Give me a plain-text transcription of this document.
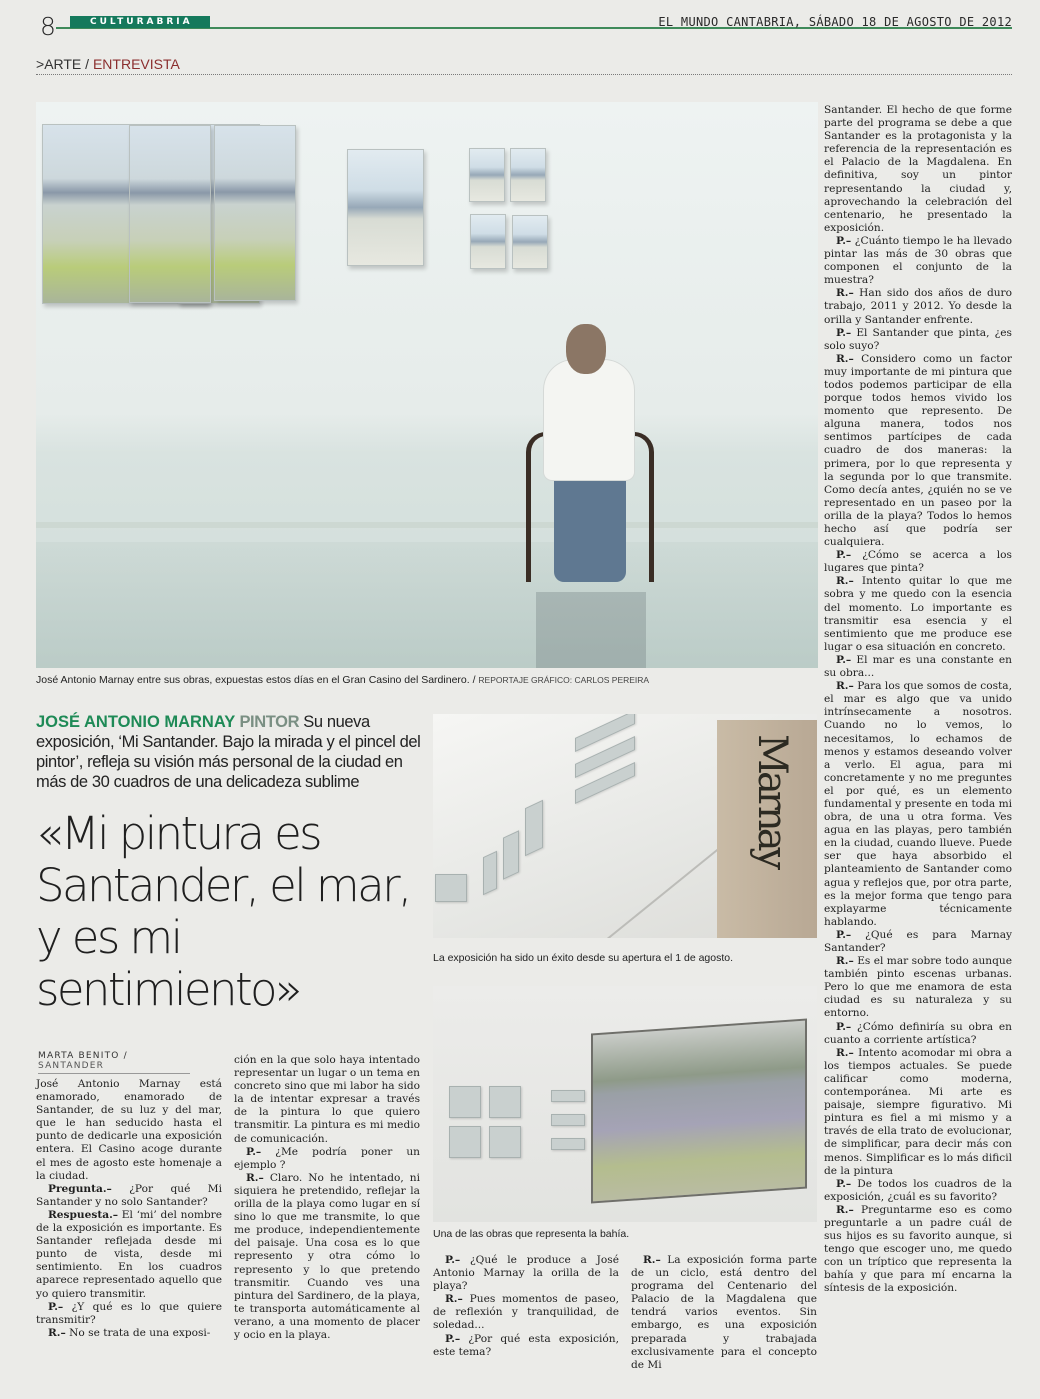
8	CULTURABRIA	EL MUNDO CANTABRIA, SÁBADO 18 DE AGOSTO DE 2012
>ARTE / ENTREVISTA
José Antonio Marnay entre sus obras, expuestas estos días en el Gran Casino del Sardinero. / REPORTAJE GRÁFICO: CARLOS PEREIRA
JOSÉ ANTONIO MARNAY PINTOR Su nueva exposición, ‘Mi Santander. Bajo la mirada y el pincel del pintor’, refleja su visión más personal de la ciudad en más de 30 cuadros de una delicadeza sublime
«Mi pintura es Santander, el mar, y es mi sentimiento»
MARTA BENITO / SANTANDER
Marnay
La exposición ha sido un éxito desde su apertura el 1 de agosto.
Una de las obras que representa la bahía.

José Antonio Marnay está enamorado, enamorado de Santander, de su luz y del mar, que le han seducido hasta el punto de dedicarle una exposición entera. El Casino acoge durante el mes de agosto este homenaje a la ciudad.

Pregunta.– ¿Por qué Mi Santander y no solo Santander?

Respuesta.– El ‘mi’ del nombre de la exposición es importante. Es Santander reflejada desde mi punto de vista, desde mi sentimiento. En los cuadros aparece representado aquello que yo quiero transmitir.

P.– ¿Y qué es lo que quiere transmitir?

R.– No se trata de una exposi-

ción en la que solo haya intentado representar un lugar o un tema en concreto sino que mi labor ha sido la de intentar expresar a través de la pintura lo que quiero transmitir. La pintura es mi medio de comunicación.

P.– ¿Me podría poner un ejemplo ?

R.– Claro. No he intentado, ni siquiera he pretendido, reflejar la orilla de la playa como lugar en sí sino lo que me transmite, lo que me produce, independientemente del paisaje. Una cosa es lo que represento y otra cómo lo represento y lo que pretendo transmitir. Cuando ves una pintura del Sardinero, de la playa, te transporta automáticamente al verano, a una momento de placer y ocio en la playa.

P.– ¿Qué le produce a José Antonio Marnay la orilla de la playa?

R.– Pues momentos de paseo, de reflexión y tranquilidad, de soledad...

P.– ¿Por qué esta exposición, este tema?

R.– La exposición forma parte de un ciclo, está dentro del programa del Centenario del Palacio de la Magdalena que tendrá varios eventos. Sin embargo, es una exposición preparada y trabajada exclusivamente para el concepto de Mi

Santander. El hecho de que forme parte del programa se debe a que Santander es la protagonista y la referencia de la representación es el Palacio de la Magdalena. En definitiva, soy un pintor representando la ciudad y, aprovechando la celebración del centenario, he presentado la exposición.

P.– ¿Cuánto tiempo le ha llevado pintar las más de 30 obras que componen el conjunto de la muestra?

R.– Han sido dos años de duro trabajo, 2011 y 2012. Yo desde la orilla y Santander enfrente.

P.– El Santander que pinta, ¿es solo suyo?

R.– Considero como un factor muy importante de mi pintura que todos podemos participar de ella porque todos hemos vivido los momento que represento. De alguna manera, todos nos sentimos partícipes de cada cuadro de dos maneras: la primera, por lo que representa y la segunda por lo que transmite. Como decía antes, ¿quién no se ve representado en un paseo por la orilla de la playa? Todos lo hemos hecho así que podría ser cualquiera.

P.– ¿Cómo se acerca a los lugares que pinta?

R.– Intento quitar lo que me sobra y me quedo con la esencia del momento. Lo importante es transmitir esa esencia y el sentimiento que me produce ese lugar o esa situación en concreto.

P.– El mar es una constante en su obra...

R.– Para los que somos de costa, el mar es algo que va unido intrínsecamente a nosotros. Cuando no lo vemos, lo necesitamos, lo echamos de menos y estamos deseando volver a verlo. El agua, para mi concretamente y no me preguntes el por qué, es un elemento fundamental y presente en toda mi obra, de una u otra forma. Ves agua en las playas, pero también en la ciudad, cuando llueve. Puede ser que haya absorbido el planteamiento de Santander como agua y reflejos que, por otra parte, es la mejor forma que tengo para explayarme técnicamente hablando.

P.– ¿Qué es para Marnay Santander?

R.– Es el mar sobre todo aunque también pinto escenas urbanas. Pero lo que me enamora de esta ciudad es su naturaleza y su entorno.

P.– ¿Cómo definiría su obra en cuanto a corriente artística?

R.– Intento acomodar mi obra a los tiempos actuales. Se puede calificar como moderna, contemporánea. Mi arte es paisaje, siempre figurativo. Mi pintura es fiel a mi mismo y a través de ella trato de evolucionar, de simplificar, para decir más con menos. Simplificar es lo más dificil de la pintura

P.– De todos los cuadros de la exposición, ¿cuál es su favorito?

R.– Preguntarme eso es como preguntarle a un padre cuál de sus hijos es su favorito aunque, si tengo que escoger uno, me quedo con un tríptico que representa la bahía y que para mí encarna la síntesis de la exposición.
